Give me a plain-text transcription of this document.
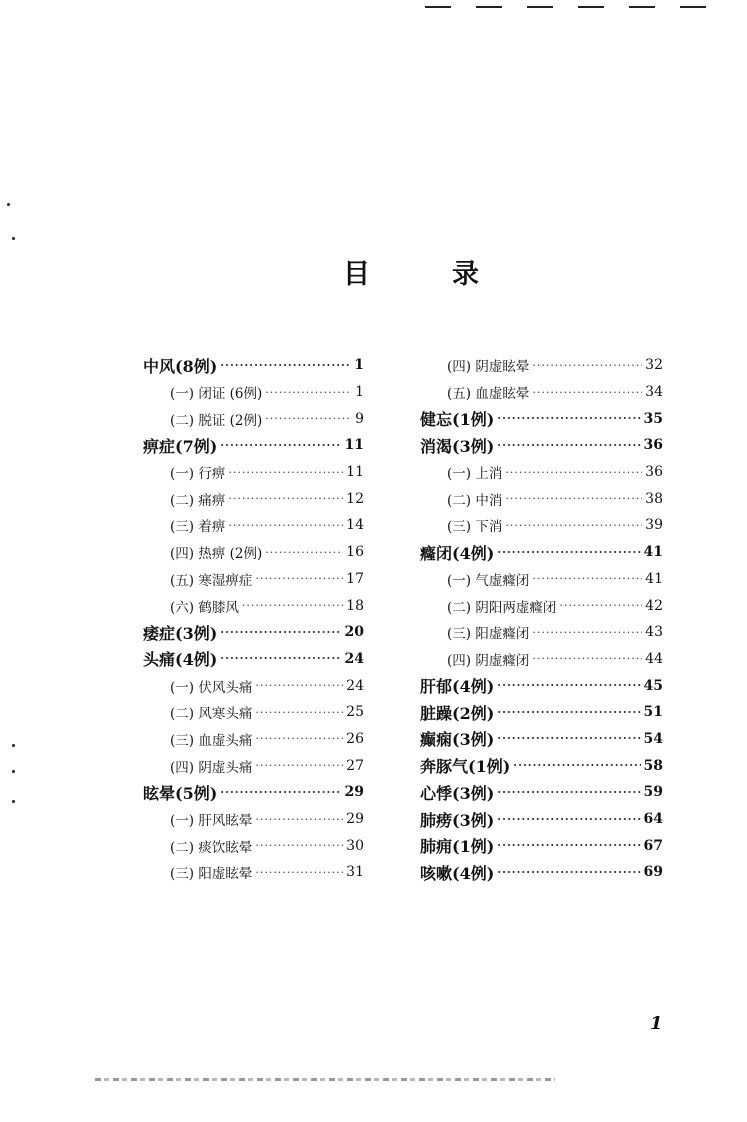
目	录
中风(8例) ·····	1
(一) 闭证 (6例) ·····	1
(二) 脱证 (2例) ·····	9
痹症(7例) ·····	11
(一) 行痹 ·····	11
(二) 痛痹 ·····	12
(三) 着痹 ·····	14
(四) 热痹 (2例) ·····	16
(五) 寒湿痹症 ·····	17
(六) 鹤膝风 ·····	18
痿症(3例) ·····	20
头痛(4例) ·····	24
(一) 伏风头痛 ·····	24
(二) 风寒头痛 ·····	25
(三) 血虚头痛 ·····	26
(四) 阴虚头痛 ·····	27
眩晕(5例) ·····	29
(一) 肝风眩晕 ·····	29
(二) 痰饮眩晕 ·····	30
(三) 阳虚眩晕 ·····	31
(四) 阴虚眩晕 ·····	32
(五) 血虚眩晕 ·····	34
健忘(1例) ·····	35
消渴(3例) ·····	36
(一) 上消 ·····	36
(二) 中消 ·····	38
(三) 下消 ·····	39
癃闭(4例) ·····	41
(一) 气虚癃闭 ·····	41
(二) 阴阳两虚癃闭 ·····	42
(三) 阳虚癃闭 ·····	43
(四) 阴虚癃闭 ·····	44
肝郁(4例) ·····	45
脏躁(2例) ·····	51
癫痫(3例) ·····	54
奔豚气(1例) ·····	58
心悸(3例) ·····	59
肺痨(3例) ·····	64
肺痈(1例) ·····	67
咳嗽(4例) ·····	69
1
